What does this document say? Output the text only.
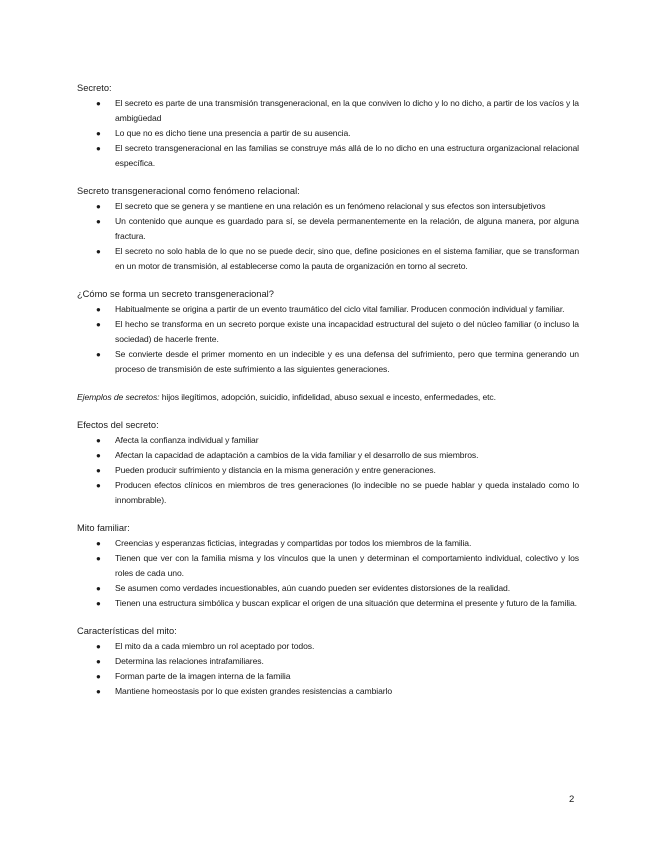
Secreto:

● El secreto es parte de una transmisión transgeneracional, en la que conviven lo dicho y lo no dicho, a partir de los vacíos y la ambigüedad
● Lo que no es dicho tiene una presencia a partir de su ausencia.
● El secreto transgeneracional en las familias se construye más allá de lo no dicho en una estructura organizacional relacional específica.

Secreto transgeneracional como fenómeno relacional:

● El secreto que se genera y se mantiene en una relación es un fenómeno relacional y sus efectos son intersubjetivos
● Un contenido que aunque es guardado para sí, se devela permanentemente en la relación, de alguna manera, por alguna fractura.
● El secreto no solo habla de lo que no se puede decir, sino que, define posiciones en el sistema familiar, que se transforman en un motor de transmisión, al establecerse como la pauta de organización en torno al secreto.

¿Cómo se forma un secreto transgeneracional?

● Habitualmente se origina a partir de un evento traumático del ciclo vital familiar. Producen conmoción individual y familiar.
● El hecho se transforma en un secreto porque existe una incapacidad estructural del sujeto o del núcleo familiar (o incluso la sociedad) de hacerle frente.
● Se convierte desde el primer momento en un indecible y es una defensa del sufrimiento, pero que termina generando un proceso de transmisión de este sufrimiento a las siguientes generaciones.

Ejemplos de secretos: hijos ilegítimos, adopción, suicidio, infidelidad, abuso sexual e incesto, enfermedades, etc.

Efectos del secreto:

● Afecta la confianza individual y familiar
● Afectan la capacidad de adaptación a cambios de la vida familiar y el desarrollo de sus miembros.
● Pueden producir sufrimiento y distancia en la misma generación y entre generaciones.
● Producen efectos clínicos en miembros de tres generaciones (lo indecible no se puede hablar y queda instalado como lo innombrable).

Mito familiar:

● Creencias y esperanzas ficticias, integradas y compartidas por todos los miembros de la familia.
● Tienen que ver con la familia misma y los vínculos que la unen y determinan el comportamiento individual, colectivo y los roles de cada uno.
● Se asumen como verdades incuestionables, aún cuando pueden ser evidentes distorsiones de la realidad.
● Tienen una estructura simbólica y buscan explicar el origen de una situación que determina el presente y futuro de la familia.

Características del mito:

● El mito da a cada miembro un rol aceptado por todos.
● Determina las relaciones intrafamiliares.
● Forman parte de la imagen interna de la familia
● Mantiene homeostasis por lo que existen grandes resistencias a cambiarlo
2
